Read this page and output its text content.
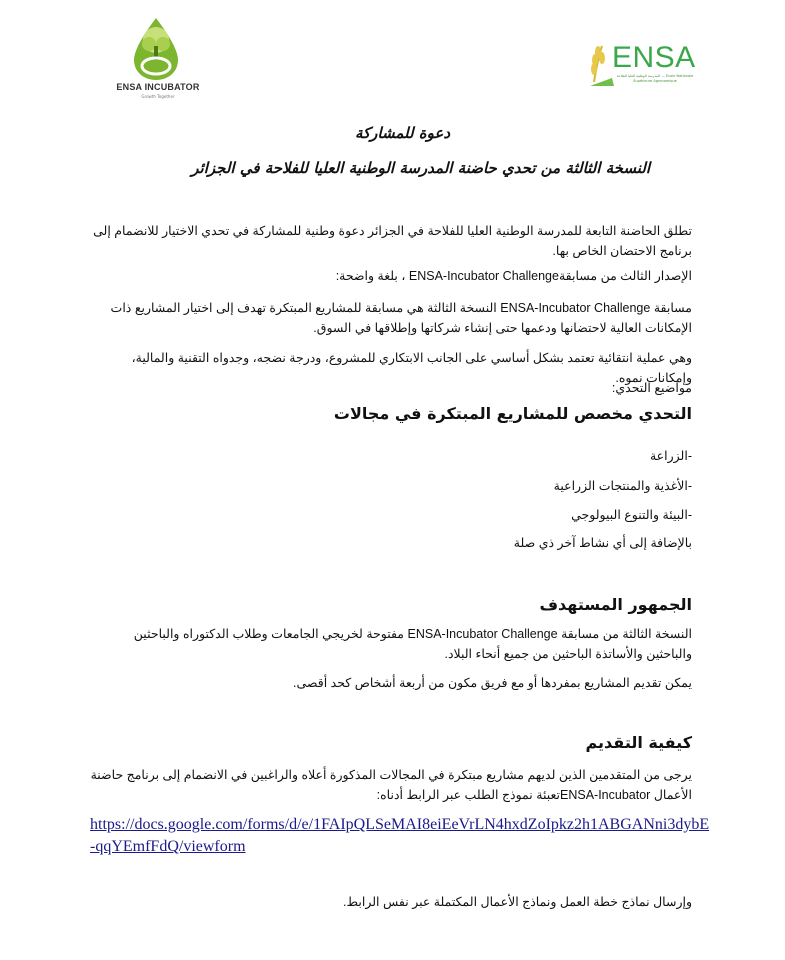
ENSA INCUBATOR
Growth Together
ENSA
المدرسة الوطنية العليا للفلاحة — Ecole Nationale Supérieure Agronomique
دعوة للمشاركة
النسخة الثالثة من تحدي حاضنة المدرسة الوطنية العليا للفلاحة في الجزائر
تطلق الحاضنة التابعة للمدرسة الوطنية العليا للفلاحة في الجزائر دعوة وطنية للمشاركة في تحدي الاختيار للانضمام إلى برنامج الاحتضان الخاص بها.
الإصدار الثالث من مسابقةENSA-Incubator Challenge ، بلغة واضحة:
مسابقة ENSA-Incubator Challenge النسخة الثالثة هي مسابقة للمشاريع المبتكرة تهدف إلى اختيار المشاريع ذات الإمكانات العالية لاحتضانها ودعمها حتى إنشاء شركاتها وإطلاقها في السوق.
وهي عملية انتقائية تعتمد بشكل أساسي على الجانب الابتكاري للمشروع، ودرجة نضجه، وجدواه التقنية والمالية، وإمكانات نموه.
مواضيع التحدي:
التحدي مخصص للمشاريع المبتكرة في مجالات
-الزراعة
-الأغذية والمنتجات الزراعية
-البيئة والتنوع البيولوجي
بالإضافة إلى أي نشاط آخر ذي صلة
الجمهور المستهدف
النسخة الثالثة من مسابقة ENSA-Incubator Challenge مفتوحة لخريجي الجامعات وطلاب الدكتوراه والباحثين والباحثين والأساتذة الباحثين من جميع أنحاء البلاد.
يمكن تقديم المشاريع بمفردها أو مع فريق مكون من أربعة أشخاص كحد أقصى.
كيفية التقديم
يرجى من المتقدمين الذين لديهم مشاريع مبتكرة في المجالات المذكورة أعلاه والراغبين في الانضمام إلى برنامج حاضنة الأعمال ENSA-Incubatorتعبئة نموذج الطلب عبر الرابط أدناه:
https://docs.google.com/forms/d/e/1FAIpQLSeMAI8eiEeVrLN4hxdZoIpkz2h1ABGANni3dybE-qqYEmfFdQ/viewform
وإرسال نماذج خطة العمل ونماذج الأعمال المكتملة عبر نفس الرابط.
